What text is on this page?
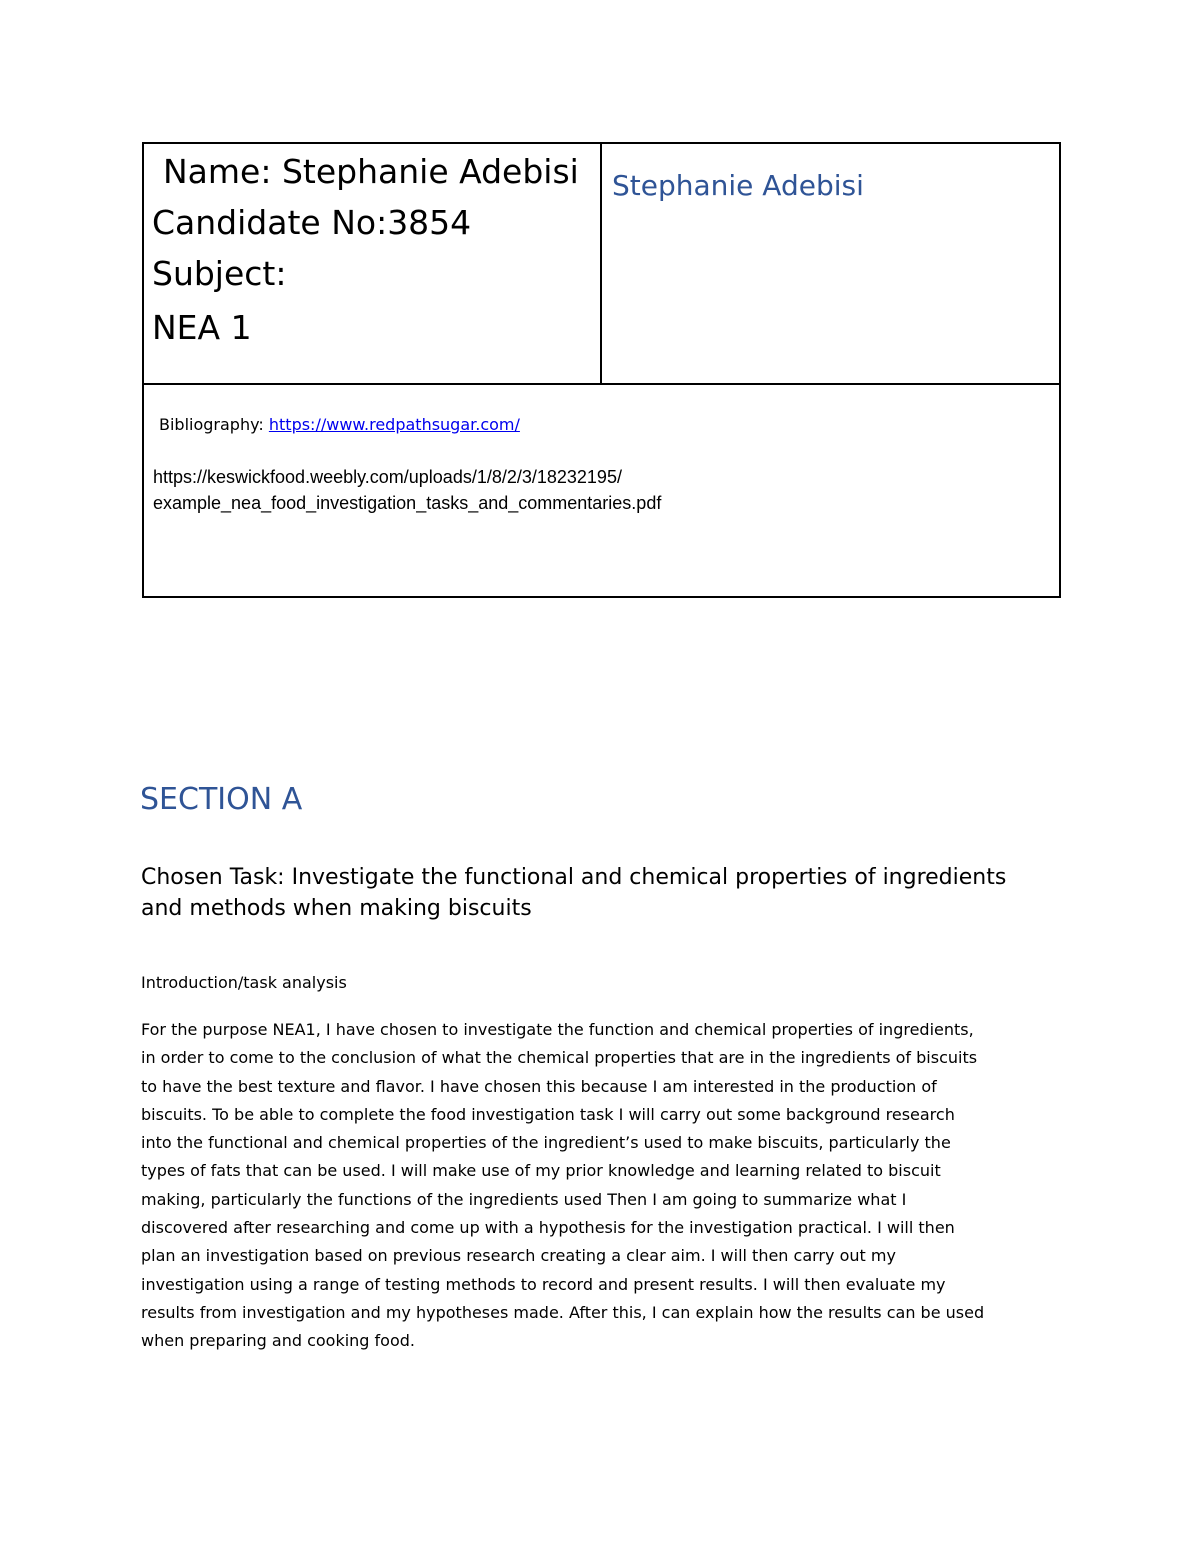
Name: Stephanie Adebisi
Candidate No:3854
Subject:
NEA 1
Stephanie Adebisi
Bibliography: https://www.redpathsugar.com/
https://keswickfood.weebly.com/uploads/1/8/2/3/18232195/
example_nea_food_investigation_tasks_and_commentaries.pdf
SECTION A
Chosen Task: Investigate the functional and chemical properties of ingredients and methods when making biscuits
Introduction/task analysis
For the purpose NEA1, I have chosen to investigate the function and chemical properties of ingredients,
in order to come to the conclusion of what the chemical properties that are in the ingredients of biscuits
to have the best texture and flavor. I have chosen this because I am interested in the production of
biscuits. To be able to complete the food investigation task I will carry out some background research
into the functional and chemical properties of the ingredient’s used to make biscuits, particularly the
types of fats that can be used. I will make use of my prior knowledge and learning related to biscuit
making, particularly the functions of the ingredients used Then I am going to summarize what I
discovered after researching and come up with a hypothesis for the investigation practical. I will then
plan an investigation based on previous research creating a clear aim. I will then carry out my
investigation using a range of testing methods to record and present results. I will then evaluate my
results from investigation and my hypotheses made. After this, I can explain how the results can be used
when preparing and cooking food.
